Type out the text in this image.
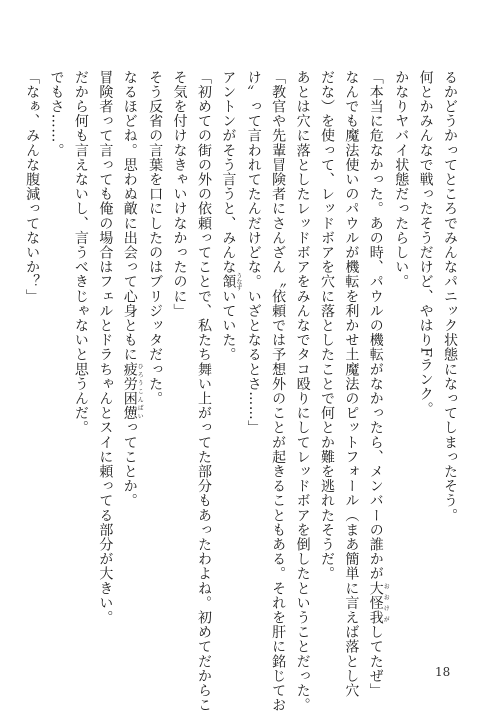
るかどうかってところでみんなパニック状態になってしまったそう。
何とかみんなで戦ったそうだけど、やはりFランク。
かなりヤバイ状態だったらしい。
「本当に危なかった。あの時、パウルの機転がなかったら、メンバーの誰かが大怪我おおけがしてたぜ」
なんでも魔法使いのパウルが機転を利かせ土魔法のピットフォール（まあ簡単に言えば落とし穴
だな）を使って、レッドボアを穴に落としたことで何とか難を逃れたそうだ。
あとは穴に落としたレッドボアをみんなでタコ殴りにしてレッドボアを倒したということだった。
「教官や先輩冒険者にさんざん〝依頼では予想外のことが起きることもある。それを肝に銘じてお
け〟って言われてたんだけどな。いざとなるとさ……」
アントンがそう言うと、みんな頷うなずいていた。
「初めての街の外の依頼ってことで、私たち舞い上がってた部分もあったわよね。初めてだからこ
そ気を付けなきゃいけなかったのに」
そう反省の言葉を口にしたのはブリジッタだった。
なるほどね。思わぬ敵に出会って心身ともに疲労困憊ひろうこんぱいってことか。
冒険者って言っても俺の場合はフェルとドラちゃんとスイに頼ってる部分が大きい。
だから何も言えないし、言うべきじゃないと思うんだ。
でもさ……。
「なぁ、みんな腹減ってないか？」
18
